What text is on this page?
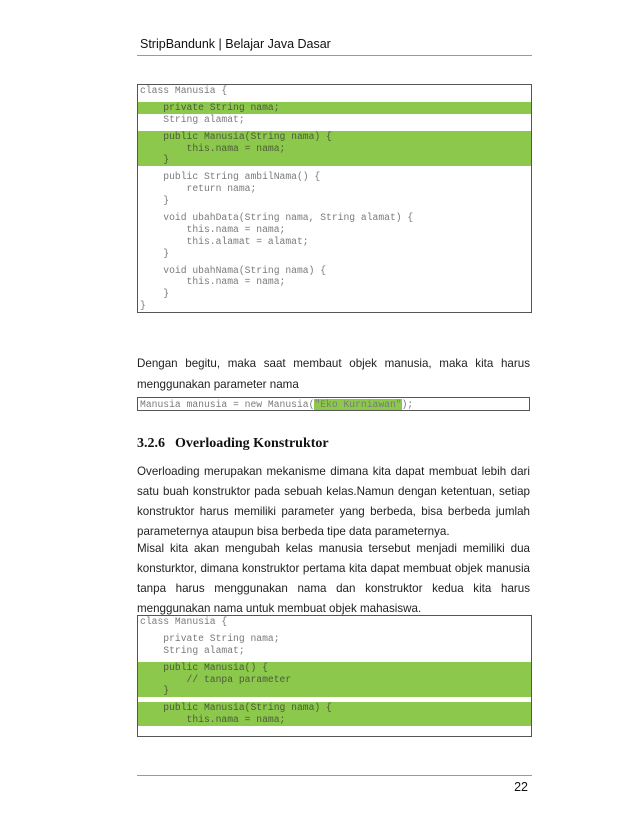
StripBandunk | Belajar Java Dasar
class Manusia {
private String nama;
String alamat;
public Manusia(String nama) {
this.nama = nama;
}
public String ambilNama() {
return nama;
}
void ubahData(String nama, String alamat) {
this.nama = nama;
this.alamat = alamat;
}
void ubahNama(String nama) {
this.nama = nama;
}
}
Dengan begitu, maka saat membaut objek manusia, maka kita harus menggunakan parameter nama
Manusia manusia = new Manusia("Eko Kurniawan");
3.2.6 Overloading Konstruktor
Overloading merupakan mekanisme dimana kita dapat membuat lebih dari satu buah konstruktor pada sebuah kelas.Namun dengan ketentuan, setiap konstruktor harus memiliki parameter yang berbeda, bisa berbeda jumlah parameternya ataupun bisa berbeda tipe data parameternya.
Misal kita akan mengubah kelas manusia tersebut menjadi memiliki dua konsturktor, dimana konstruktor pertama kita dapat membuat objek manusia tanpa harus menggunakan nama dan konstruktor kedua kita harus menggunakan nama untuk membuat objek mahasiswa.
class Manusia {
private String nama;
String alamat;
public Manusia() {
// tanpa parameter
}
public Manusia(String nama) {
this.nama = nama;
22
